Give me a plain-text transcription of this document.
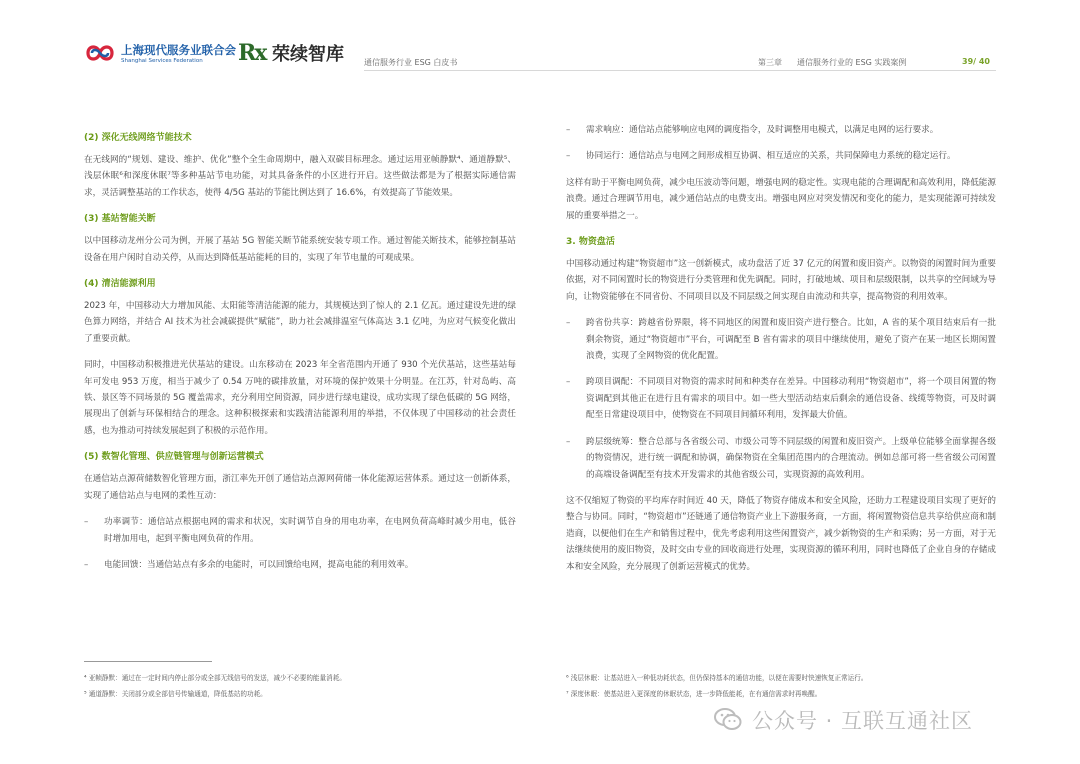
上海现代服务业联合会
Shanghai Services Federation Rx 荣续智库	通信服务行业 ESG 白皮书	第三章 通信服务行业的 ESG 实践案例	39/ 40
(2) 深化无线网络节能技术
在无线网的“规划、建设、维护、优化”整个全生命周期中，融入双碳目标理念。通过运用亚帧静默⁴、通道静默⁵、浅层休眠⁶和深度休眠⁷等多种基站节电功能，对其具备条件的小区进行开启。这些做法都是为了根据实际通信需求，灵活调整基站的工作状态，使得 4/5G 基站的节能比例达到了 16.6%，有效提高了节能效果。
(3) 基站智能关断
以中国移动龙州分公司为例，开展了基站 5G 智能关断节能系统安装专项工作。通过智能关断技术，能够控制基站设备在用户闲时自动关停，从而达到降低基站能耗的目的，实现了年节电量的可观成果。
(4) 清洁能源利用
2023 年，中国移动大力增加风能、太阳能等清洁能源的能力，其规模达到了惊人的 2.1 亿瓦。通过建设先进的绿色算力网络，并结合 AI 技术为社会减碳提供“赋能”，助力社会减排温室气体高达 3.1 亿吨，为应对气候变化做出了重要贡献。
同时，中国移动积极推进光伏基站的建设。山东移动在 2023 年全省范围内开通了 930 个光伏基站，这些基站每年可发电 953 万度，相当于减少了 0.54 万吨的碳排放量，对环境的保护效果十分明显。在江苏，针对岛屿、高铁、景区等不同场景的 5G 覆盖需求，充分利用空间资源，同步进行绿电建设，成功实现了绿色低碳的 5G 网络，展现出了创新与环保相结合的理念。这种积极探索和实践清洁能源利用的举措，不仅体现了中国移动的社会责任感，也为推动可持续发展起到了积极的示范作用。
(5) 数智化管理、供应链管理与创新运营模式
在通信站点源荷储数智化管理方面，浙江率先开创了通信站点源网荷储一体化能源运营体系。通过这一创新体系，实现了通信站点与电网的柔性互动：
–	功率调节：通信站点根据电网的需求和状况，实时调节自身的用电功率，在电网负荷高峰时减少用电，低谷时增加用电，起到平衡电网负荷的作用。
–	电能回馈：当通信站点有多余的电能时，可以回馈给电网，提高电能的利用效率。
–	需求响应：通信站点能够响应电网的调度指令，及时调整用电模式，以满足电网的运行要求。
–	协同运行：通信站点与电网之间形成相互协调、相互适应的关系，共同保障电力系统的稳定运行。
这样有助于平衡电网负荷，减少电压波动等问题，增强电网的稳定性。实现电能的合理调配和高效利用，降低能源浪费。通过合理调节用电，减少通信站点的电费支出。增强电网应对突发情况和变化的能力，是实现能源可持续发展的重要举措之一。
3. 物资盘活
中国移动通过构建“物资超市”这一创新模式，成功盘活了近 37 亿元的闲置和废旧资产。以物资的闲置时间为重要依据，对不同闲置时长的物资进行分类管理和优先调配。同时，打破地域、项目和层级限制，以共享的空间域为导向，让物资能够在不同省份、不同项目以及不同层级之间实现自由流动和共享，提高物资的利用效率。
–	跨省份共享：跨越省份界限，将不同地区的闲置和废旧资产进行整合。比如，A 省的某个项目结束后有一批剩余物资，通过“物资超市”平台，可调配至 B 省有需求的项目中继续使用，避免了资产在某一地区长期闲置浪费，实现了全网物资的优化配置。
–	跨项目调配：不同项目对物资的需求时间和种类存在差异。中国移动利用“物资超市”，将一个项目闲置的物资调配到其他正在进行且有需求的项目中。如一些大型活动结束后剩余的通信设备、线缆等物资，可及时调配至日常建设项目中，使物资在不同项目间循环利用，发挥最大价值。
–	跨层级统筹：整合总部与各省级公司、市级公司等不同层级的闲置和废旧资产。上级单位能够全面掌握各级的物资情况，进行统一调配和协调，确保物资在全集团范围内的合理流动。例如总部可将一些省级公司闲置的高端设备调配至有技术开发需求的其他省级公司，实现资源的高效利用。
这不仅缩短了物资的平均库存时间近 40 天，降低了物资存储成本和安全风险，还助力工程建设项目实现了更好的整合与协同。同时，“物资超市”还链通了通信物资产业上下游服务商，一方面，将闲置物资信息共享给供应商和制造商，以便他们在生产和销售过程中，优先考虑利用这些闲置资产，减少新物资的生产和采购；另一方面，对于无法继续使用的废旧物资，及时交由专业的回收商进行处理，实现资源的循环利用，同时也降低了企业自身的存储成本和安全风险，充分展现了创新运营模式的优势。
⁴ 亚帧静默：通过在一定时间内停止部分或全部无线信号的发送，减少不必要的能量消耗。
⁵ 通道静默：关闭部分或全部信号传输通道，降低基站的功耗。
⁶ 浅层休眠：让基站进入一种低功耗状态，但仍保持基本的通信功能，以便在需要时快速恢复正常运行。
⁷ 深度休眠：使基站进入更深度的休眠状态，进一步降低能耗，在有通信需求时再唤醒。
公众号 · 互联互通社区
